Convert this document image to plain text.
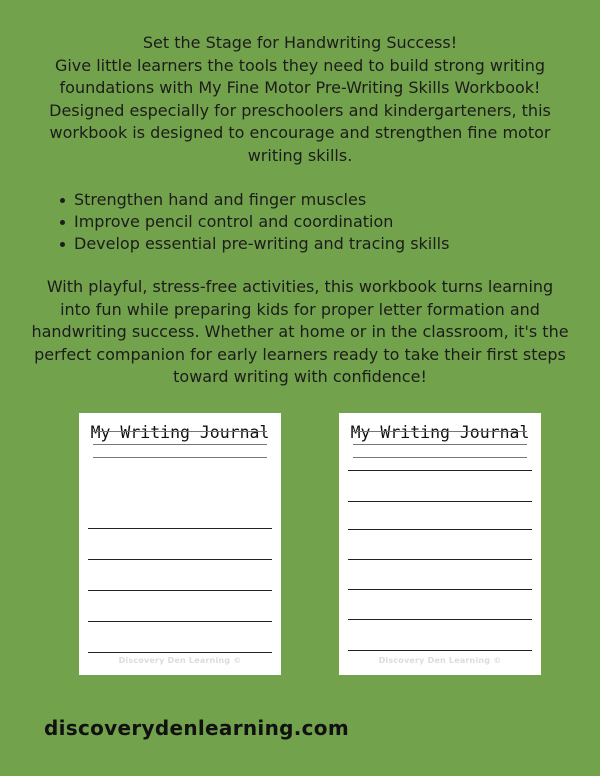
Set the Stage for Handwriting Success!

Give little learners the tools they need to build strong writing foundations with My Fine Motor Pre-Writing Skills Workbook! Designed especially for preschoolers and kindergarteners, this workbook is designed to encourage and strengthen fine motor writing skills.

Strengthen hand and finger muscles
Improve pencil control and coordination
Develop essential pre-writing and tracing skills

With playful, stress-free activities, this workbook turns learning into fun while preparing kids for proper letter formation and handwriting success. Whether at home or in the classroom, it's the perfect companion for early learners ready to take their first steps toward writing with confidence!

My Writing Journal
Discovery Den Learning ©
My Writing Journal
Discovery Den Learning ©

discoverydenlearning.com
